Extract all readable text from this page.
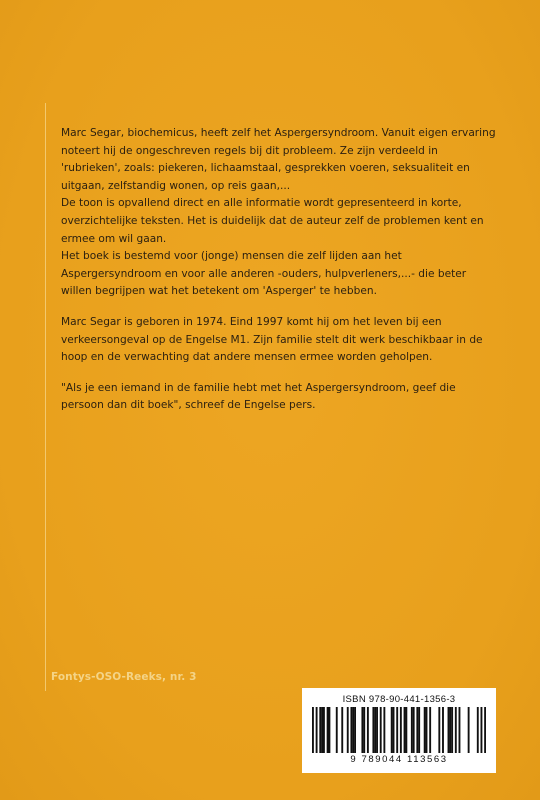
Marc Segar, biochemicus, heeft zelf het Aspergersyndroom. Vanuit eigen ervaring noteert hij de ongeschreven regels bij dit probleem. Ze zijn verdeeld in 'rubrieken', zoals: piekeren, lichaamstaal, gesprekken voeren, seksualiteit en uitgaan, zelfstandig wonen, op reis gaan,...

De toon is opvallend direct en alle informatie wordt gepresenteerd in korte, overzichtelijke teksten. Het is duidelijk dat de auteur zelf de problemen kent en ermee om wil gaan.

Het boek is bestemd voor (jonge) mensen die zelf lijden aan het Aspergersyndroom en voor alle anderen -ouders, hulpverleners,...- die beter willen begrijpen wat het betekent om 'Asperger' te hebben.

Marc Segar is geboren in 1974. Eind 1997 komt hij om het leven bij een verkeersongeval op de Engelse M1. Zijn familie stelt dit werk beschikbaar in de hoop en de verwachting dat andere mensen ermee worden geholpen.

"Als je een iemand in de familie hebt met het Aspergersyndroom, geef die persoon dan dit boek", schreef de Engelse pers.

Fontys-OSO-Reeks, nr. 3
ISBN 978-90-441-1356-3
9 789044 113563
